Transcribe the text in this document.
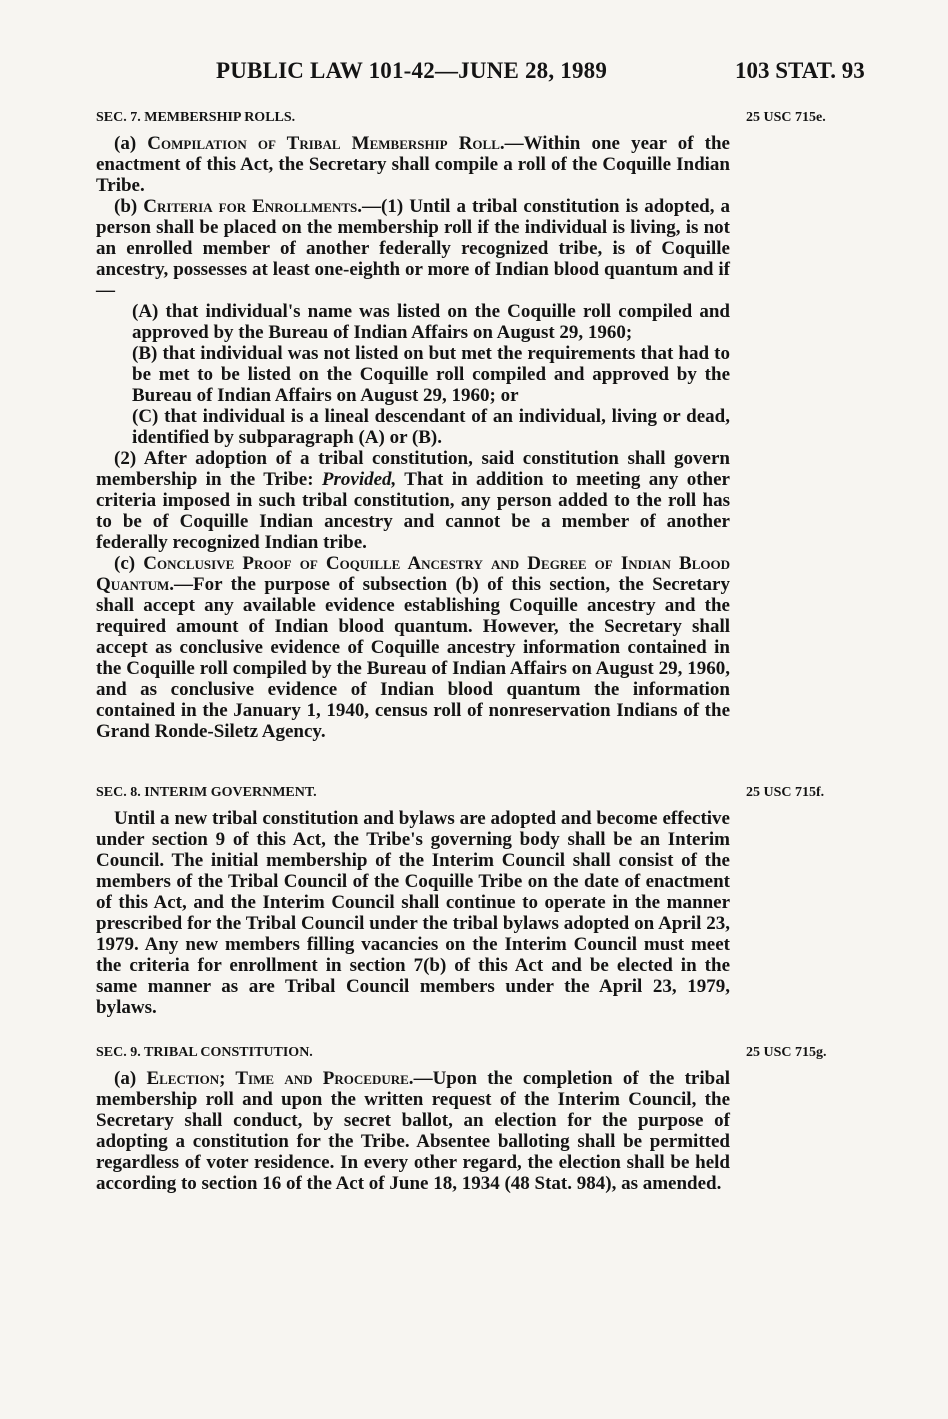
PUBLIC LAW 101-42—JUNE 28, 1989	103 STAT. 93
SEC. 7. MEMBERSHIP ROLLS.	25 USC 715e.

(a) Compilation of Tribal Membership Roll.—Within one year of the enactment of this Act, the Secretary shall compile a roll of the Coquille Indian Tribe.

(b) Criteria for Enrollments.—(1) Until a tribal constitution is adopted, a person shall be placed on the membership roll if the individual is living, is not an enrolled member of another federally recognized tribe, is of Coquille ancestry, possesses at least one-eighth or more of Indian blood quantum and if—

(A) that individual's name was listed on the Coquille roll compiled and approved by the Bureau of Indian Affairs on August 29, 1960;

(B) that individual was not listed on but met the requirements that had to be met to be listed on the Coquille roll compiled and approved by the Bureau of Indian Affairs on August 29, 1960; or

(C) that individual is a lineal descendant of an individual, living or dead, identified by subparagraph (A) or (B).

(2) After adoption of a tribal constitution, said constitution shall govern membership in the Tribe: Provided, That in addition to meeting any other criteria imposed in such tribal constitution, any person added to the roll has to be of Coquille Indian ancestry and cannot be a member of another federally recognized Indian tribe.

(c) Conclusive Proof of Coquille Ancestry and Degree of Indian Blood Quantum.—For the purpose of subsection (b) of this section, the Secretary shall accept any available evidence establishing Coquille ancestry and the required amount of Indian blood quantum. However, the Secretary shall accept as conclusive evidence of Coquille ancestry information contained in the Coquille roll compiled by the Bureau of Indian Affairs on August 29, 1960, and as conclusive evidence of Indian blood quantum the information contained in the January 1, 1940, census roll of nonreservation Indians of the Grand Ronde-Siletz Agency.

SEC. 8. INTERIM GOVERNMENT.	25 USC 715f.

Until a new tribal constitution and bylaws are adopted and become effective under section 9 of this Act, the Tribe's governing body shall be an Interim Council. The initial membership of the Interim Council shall consist of the members of the Tribal Council of the Coquille Tribe on the date of enactment of this Act, and the Interim Council shall continue to operate in the manner prescribed for the Tribal Council under the tribal bylaws adopted on April 23, 1979. Any new members filling vacancies on the Interim Council must meet the criteria for enrollment in section 7(b) of this Act and be elected in the same manner as are Tribal Council members under the April 23, 1979, bylaws.

SEC. 9. TRIBAL CONSTITUTION.	25 USC 715g.

(a) Election; Time and Procedure.—Upon the completion of the tribal membership roll and upon the written request of the Interim Council, the Secretary shall conduct, by secret ballot, an election for the purpose of adopting a constitution for the Tribe. Absentee balloting shall be permitted regardless of voter residence. In every other regard, the election shall be held according to section 16 of the Act of June 18, 1934 (48 Stat. 984), as amended.
